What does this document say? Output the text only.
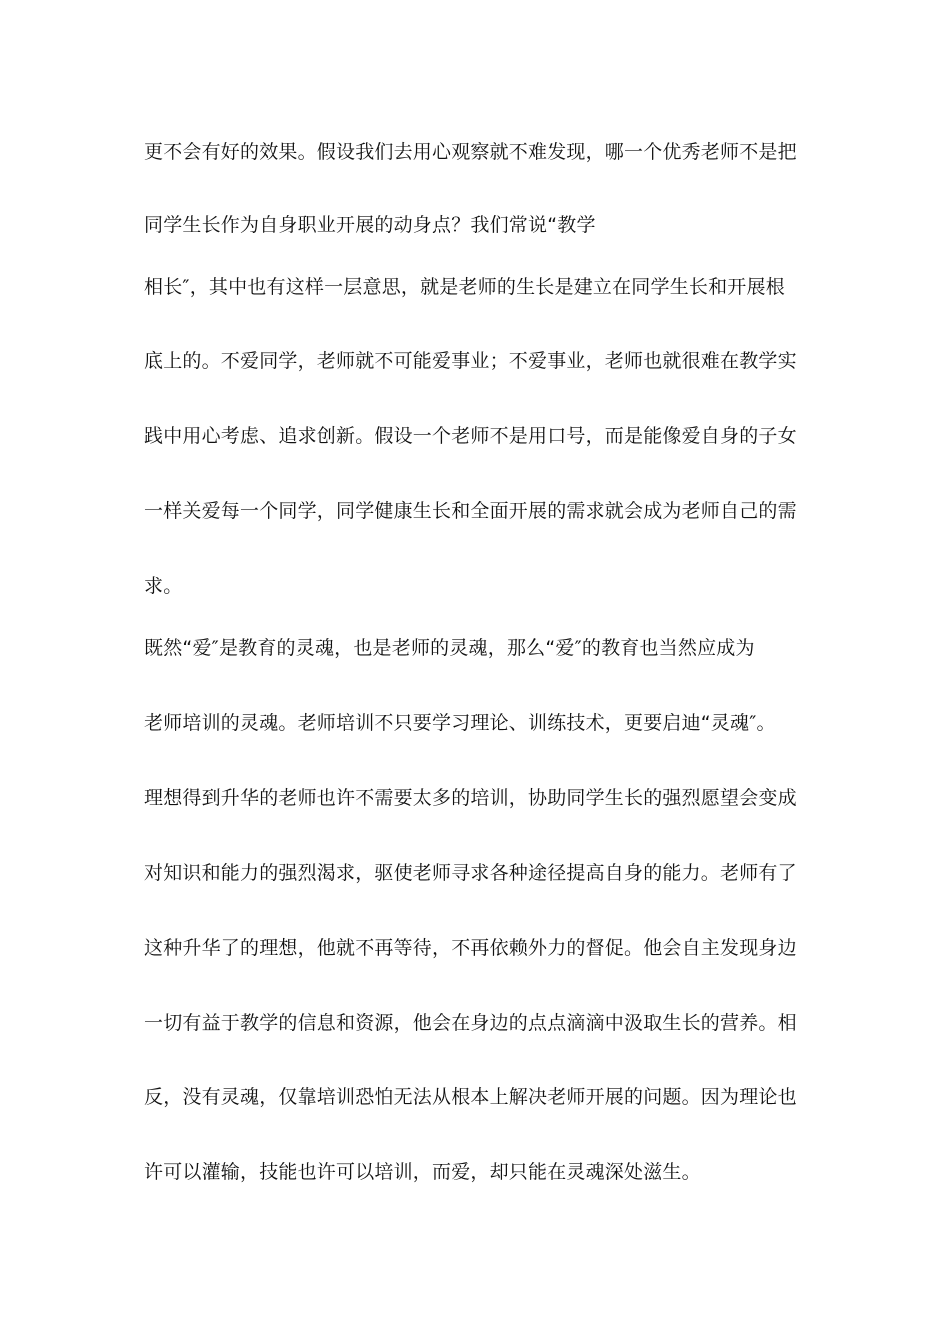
更不会有好的效果。假设我们去用心观察就不难发现，哪一个优秀老师不是把
同学生长作为自身职业开展的动身点？我们常说“教学
相长″，其中也有这样一层意思，就是老师的生长是建立在同学生长和开展根
底上的。不爱同学，老师就不可能爱事业；不爱事业，老师也就很难在教学实
践中用心考虑、追求创新。假设一个老师不是用口号，而是能像爱自身的子女
一样关爱每一个同学，同学健康生长和全面开展的需求就会成为老师自己的需
求。
既然“爱″是教育的灵魂，也是老师的灵魂，那么“爱″的教育也当然应成为
老师培训的灵魂。老师培训不只要学习理论、训练技术，更要启迪“灵魂″。
理想得到升华的老师也许不需要太多的培训，协助同学生长的强烈愿望会变成
对知识和能力的强烈渴求，驱使老师寻求各种途径提高自身的能力。老师有了
这种升华了的理想，他就不再等待，不再依赖外力的督促。他会自主发现身边
一切有益于教学的信息和资源，他会在身边的点点滴滴中汲取生长的营养。相
反，没有灵魂，仅靠培训恐怕无法从根本上解决老师开展的问题。因为理论也
许可以灌输，技能也许可以培训，而爱，却只能在灵魂深处滋生。
